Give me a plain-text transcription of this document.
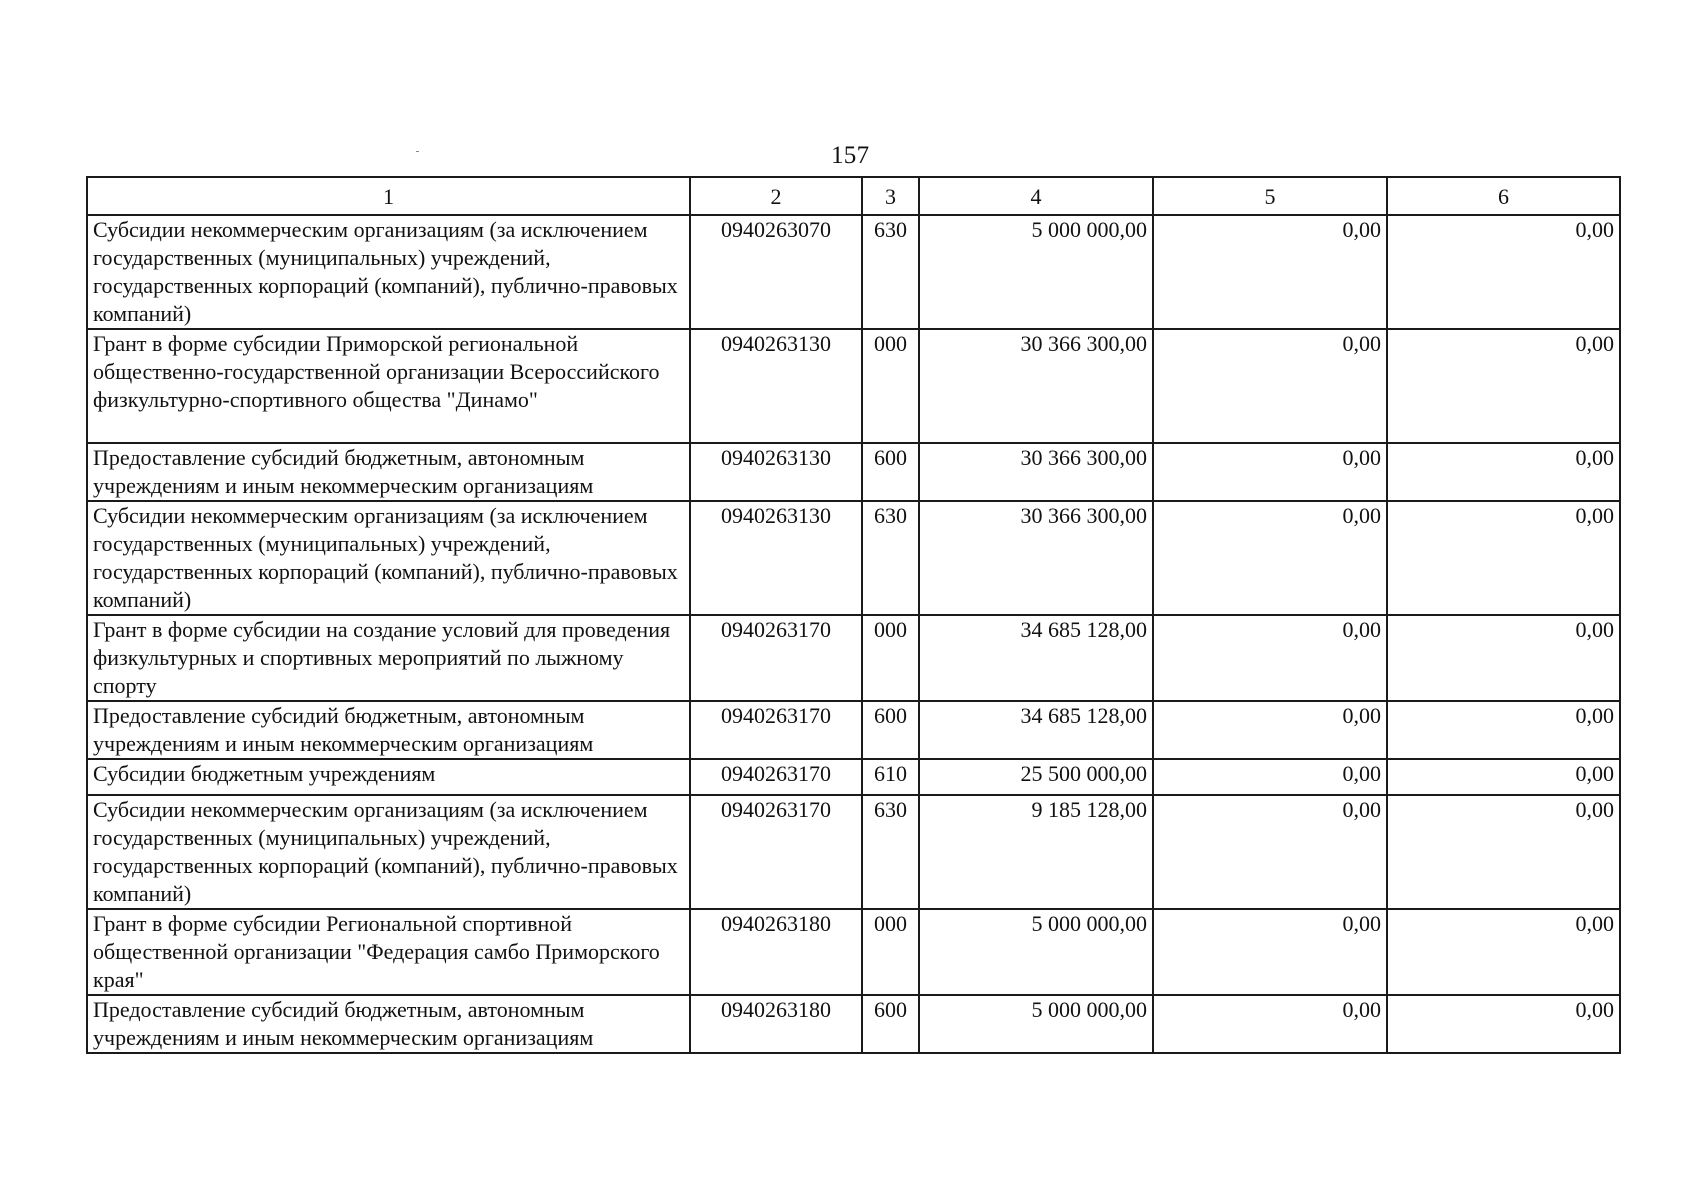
157
1	2	3	4	5	6
Субсидии некоммерческим организациям (за исключением государственных (муниципальных) учреждений, государственных корпораций (компаний), публично-правовых компаний)	0940263070	630	5 000 000,00	0,00	0,00
Грант в форме субсидии Приморской региональной общественно-государственной организации Всероссийского физкультурно-спортивного общества "Динамо"	0940263130	000	30 366 300,00	0,00	0,00
Предоставление субсидий бюджетным, автономным учреждениям и иным некоммерческим организациям	0940263130	600	30 366 300,00	0,00	0,00
Субсидии некоммерческим организациям (за исключением государственных (муниципальных) учреждений, государственных корпораций (компаний), публично-правовых компаний)	0940263130	630	30 366 300,00	0,00	0,00
Грант в форме субсидии на создание условий для проведения физкультурных и спортивных мероприятий по лыжному спорту	0940263170	000	34 685 128,00	0,00	0,00
Предоставление субсидий бюджетным, автономным учреждениям и иным некоммерческим организациям	0940263170	600	34 685 128,00	0,00	0,00
Субсидии бюджетным учреждениям	0940263170	610	25 500 000,00	0,00	0,00
Субсидии некоммерческим организациям (за исключением государственных (муниципальных) учреждений, государственных корпораций (компаний), публично-правовых компаний)	0940263170	630	9 185 128,00	0,00	0,00
Грант в форме субсидии Региональной спортивной общественной организации "Федерация самбо Приморского края"	0940263180	000	5 000 000,00	0,00	0,00
Предоставление субсидий бюджетным, автономным учреждениям и иным некоммерческим организациям	0940263180	600	5 000 000,00	0,00	0,00
